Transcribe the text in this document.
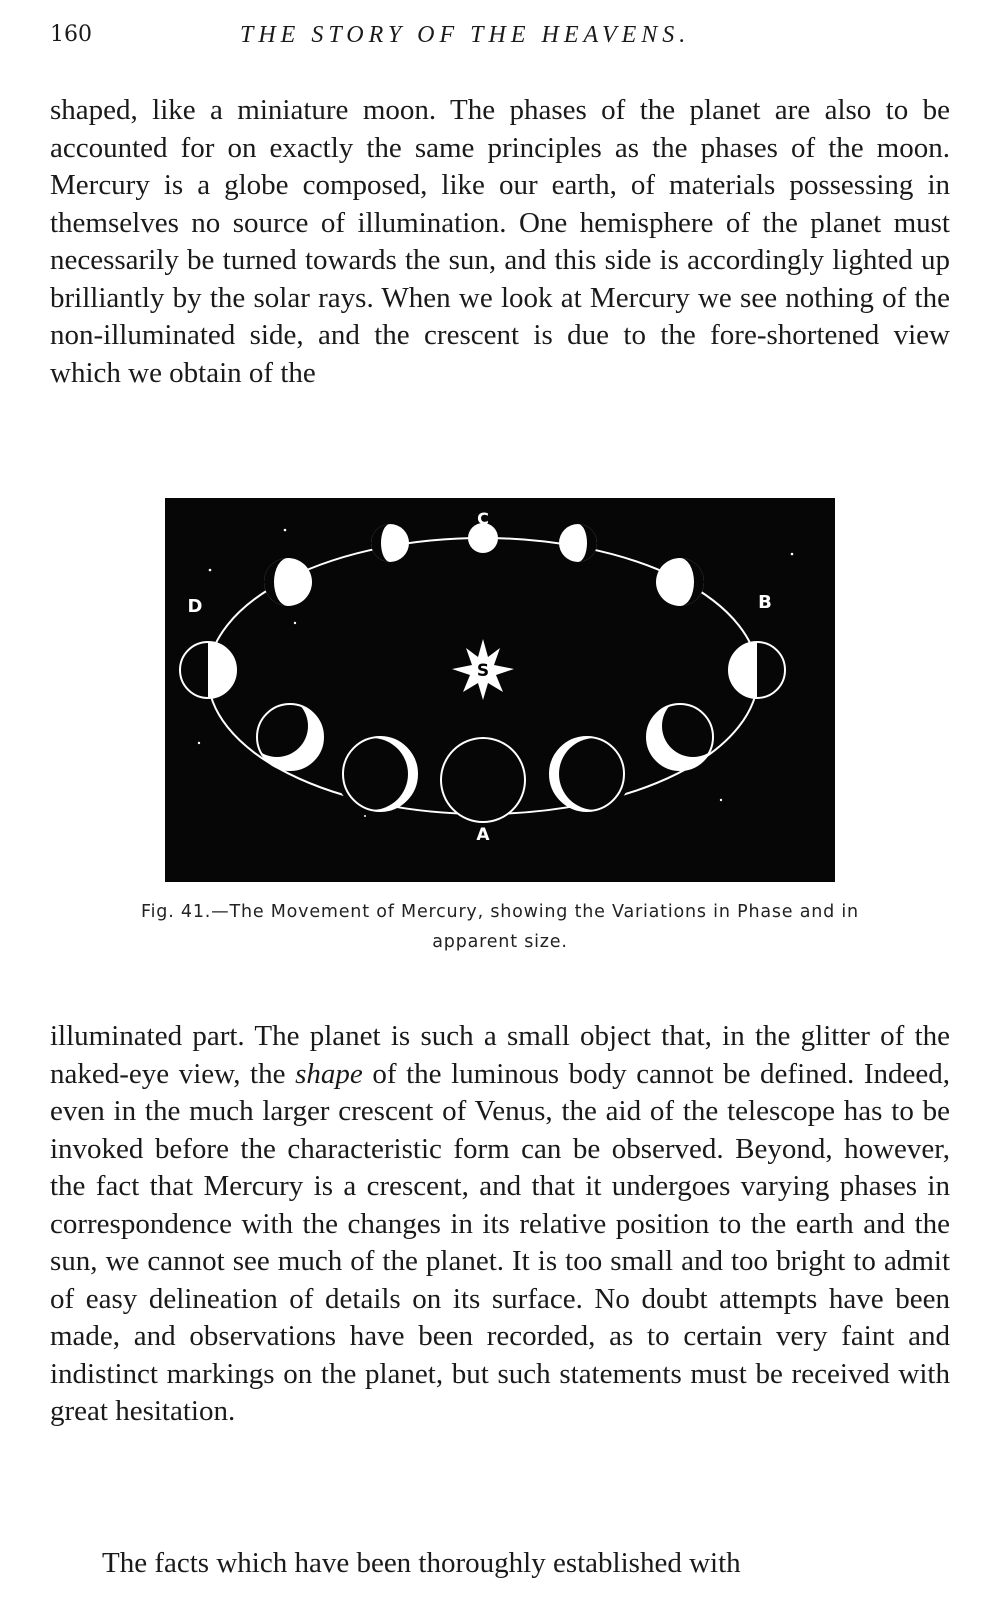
160	THE STORY OF THE HEAVENS.

shaped, like a miniature moon. The phases of the planet are also to be accounted for on exactly the same principles as the phases of the moon. Mercury is a globe composed, like our earth, of materials possessing in themselves no source of illumination. One hemisphere of the planet must necessarily be turned towards the sun, and this side is accordingly lighted up brilliantly by the solar rays. When we look at Mercury we see nothing of the non-illuminated side, and the crescent is due to the fore-shortened view which we obtain of the

S
C
D	B
A
Fig. 41.—The Movement of Mercury, showing the Variations in Phase and in
apparent size.

illuminated part. The planet is such a small object that, in the glitter of the naked-eye view, the shape of the luminous body cannot be defined. Indeed, even in the much larger crescent of Venus, the aid of the telescope has to be invoked before the characteristic form can be observed. Beyond, however, the fact that Mercury is a crescent, and that it undergoes varying phases in correspondence with the changes in its relative position to the earth and the sun, we cannot see much of the planet. It is too small and too bright to admit of easy delineation of details on its surface. No doubt attempts have been made, and observations have been recorded, as to certain very faint and indistinct markings on the planet, but such statements must be received with great hesitation.

The facts which have been thoroughly established with
